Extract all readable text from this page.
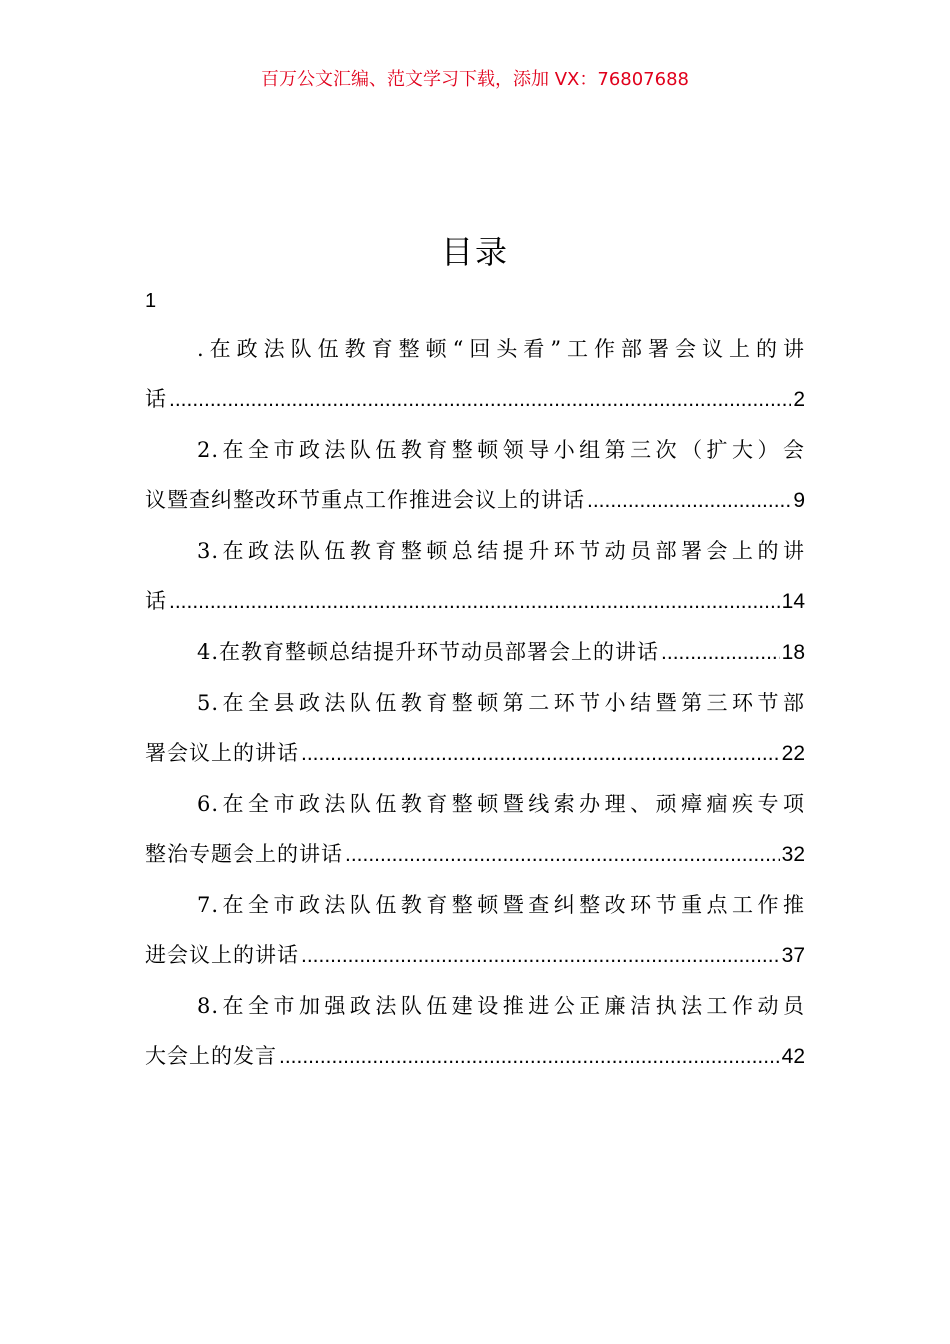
百万公文汇编、范文学习下载，添加 VX：76807688
目录
1
.在政法队伍教育整顿“回头看”工作部署会议上的讲
话 .....	2
2.在全市政法队伍教育整顿领导小组第三次（扩大）会
议暨查纠整改环节重点工作推进会议上的讲话 .....	9
3.在政法队伍教育整顿总结提升环节动员部署会上的讲
话 .....	14
4.在教育整顿总结提升环节动员部署会上的讲话 .....	18
5.在全县政法队伍教育整顿第二环节小结暨第三环节部
署会议上的讲话 .....	22
6.在全市政法队伍教育整顿暨线索办理、顽瘴痼疾专项
整治专题会上的讲话 .....	32
7.在全市政法队伍教育整顿暨查纠整改环节重点工作推
进会议上的讲话 .....	37
8.在全市加强政法队伍建设推进公正廉洁执法工作动员
大会上的发言 .....	42
